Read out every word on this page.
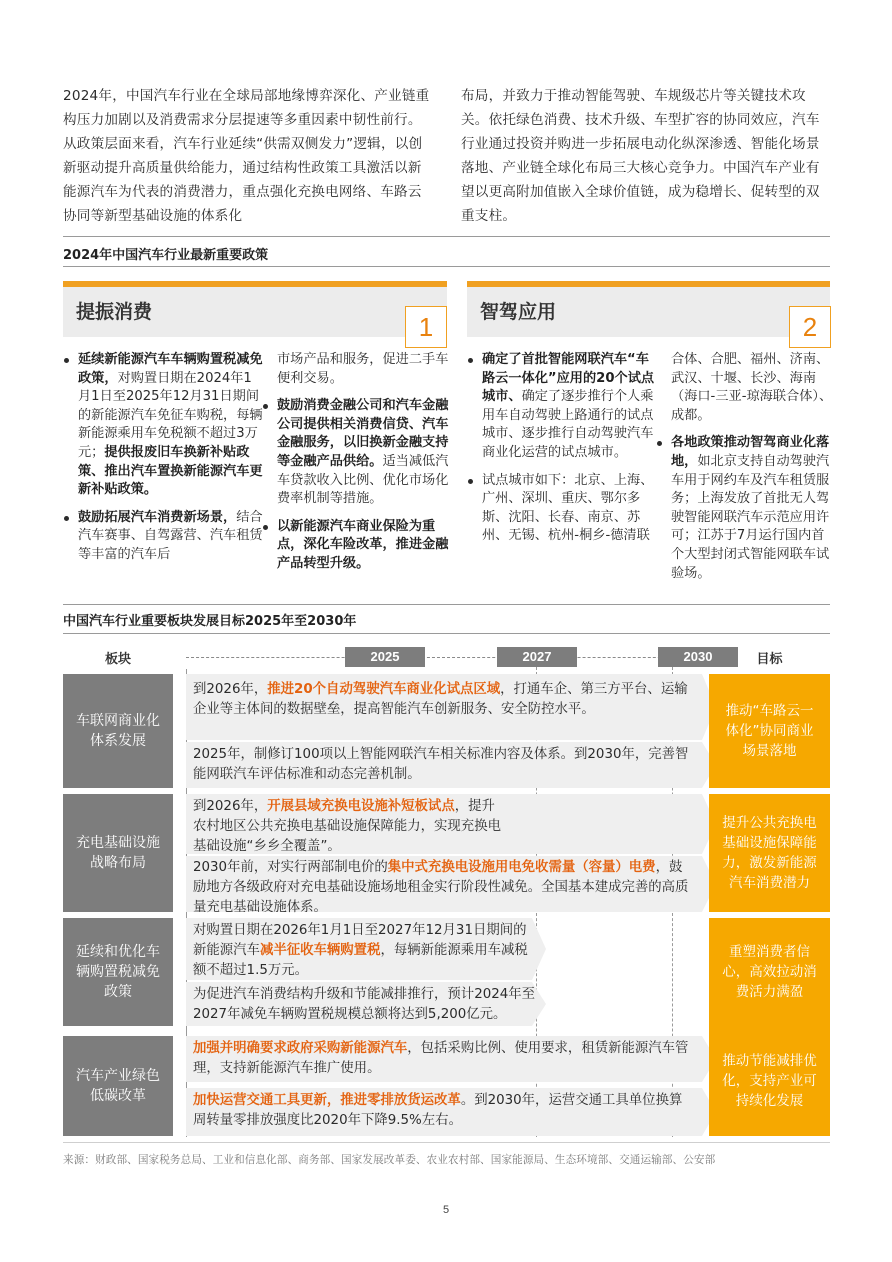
2024年，中国汽车行业在全球局部地缘博弈深化、产业链重构压力加剧以及消费需求分层提速等多重因素中韧性前行。从政策层面来看，汽车行业延续“供需双侧发力”逻辑，以创新驱动提升高质量供给能力，通过结构性政策工具激活以新能源汽车为代表的消费潜力，重点强化充换电网络、车路云协同等新型基础设施的体系化
布局，并致力于推动智能驾驶、车规级芯片等关键技术攻关。依托绿色消费、技术升级、车型扩容的协同效应，汽车行业通过投资并购进一步拓展电动化纵深渗透、智能化场景落地、产业链全球化布局三大核心竞争力。中国汽车产业有望以更高附加值嵌入全球价值链，成为稳增长、促转型的双重支柱。
2024年中国汽车行业最新重要政策
提振消费	1

延续新能源汽车车辆购置税减免政策，对购置日期在2024年1月1日至2025年12月31日期间的新能源汽车免征车购税，每辆新能源乘用车免税额不超过3万元；提供报废旧车换新补贴政策、推出汽车置换新能源汽车更新补贴政策。

鼓励拓展汽车消费新场景，结合汽车赛事、自驾露营、汽车租赁等丰富的汽车后

市场产品和服务，促进二手车便利交易。

鼓励消费金融公司和汽车金融公司提供相关消费信贷、汽车金融服务，以旧换新金融支持等金融产品供给。适当减低汽车贷款收入比例、优化市场化费率机制等措施。

以新能源汽车商业保险为重点，深化车险改革，推进金融产品转型升级。

智驾应用	2

确定了首批智能网联汽车“车路云一体化”应用的20个试点城市、确定了逐步推行个人乘用车自动驾驶上路通行的试点城市、逐步推行自动驾驶汽车商业化运营的试点城市。

试点城市如下：北京、上海、广州、深圳、重庆、鄂尔多斯、沈阳、长春、南京、苏州、无锡、杭州-桐乡-德清联

合体、合肥、福州、济南、武汉、十堰、长沙、海南（海口-三亚-琼海联合体）、成都。

各地政策推动智驾商业化落地，如北京支持自动驾驶汽车用于网约车及汽车租赁服务；上海发放了首批无人驾驶智能网联汽车示范应用许可；江苏于7月运行国内首个大型封闭式智能网联车试验场。

中国汽车行业重要板块发展目标2025年至2030年
板块	目标
2025	2027	2030
车联网商业化体系发展
到2026年，推进20个自动驾驶汽车商业化试点区域，打通车企、第三方平台、运输企业等主体间的数据壁垒，提高智能汽车创新服务、安全防控水平。
2025年，制修订100项以上智能网联汽车相关标准内容及体系。到2030年，完善智能网联汽车评估标准和动态完善机制。
推动“车路云一体化”协同商业场景落地
充电基础设施战略布局
到2026年，开展县域充换电设施补短板试点，提升农村地区公共充换电基础设施保障能力，实现充换电基础设施“乡乡全覆盖”。
2030年前，对实行两部制电价的集中式充换电设施用电免收需量（容量）电费，鼓励地方各级政府对充电基础设施场地租金实行阶段性减免。全国基本建成完善的高质量充电基础设施体系。
提升公共充换电基础设施保障能力，激发新能源汽车消费潜力
延续和优化车辆购置税减免政策
对购置日期在2026年1月1日至2027年12月31日期间的新能源汽车减半征收车辆购置税，每辆新能源乘用车减税额不超过1.5万元。
为促进汽车消费结构升级和节能减排推行，预计2024年至2027年减免车辆购置税规模总额将达到5,200亿元。
重塑消费者信心，高效拉动消费活力满盈
汽车产业绿色低碳改革
加强并明确要求政府采购新能源汽车，包括采购比例、使用要求，租赁新能源汽车管理，支持新能源汽车推广使用。
加快运营交通工具更新，推进零排放货运改革。到2030年，运营交通工具单位换算周转量零排放强度比2020年下降9.5%左右。
推动节能减排优化，支持产业可持续化发展
来源：财政部、国家税务总局、工业和信息化部、商务部、国家发展改革委、农业农村部、国家能源局、生态环境部、交通运输部、公安部
5
